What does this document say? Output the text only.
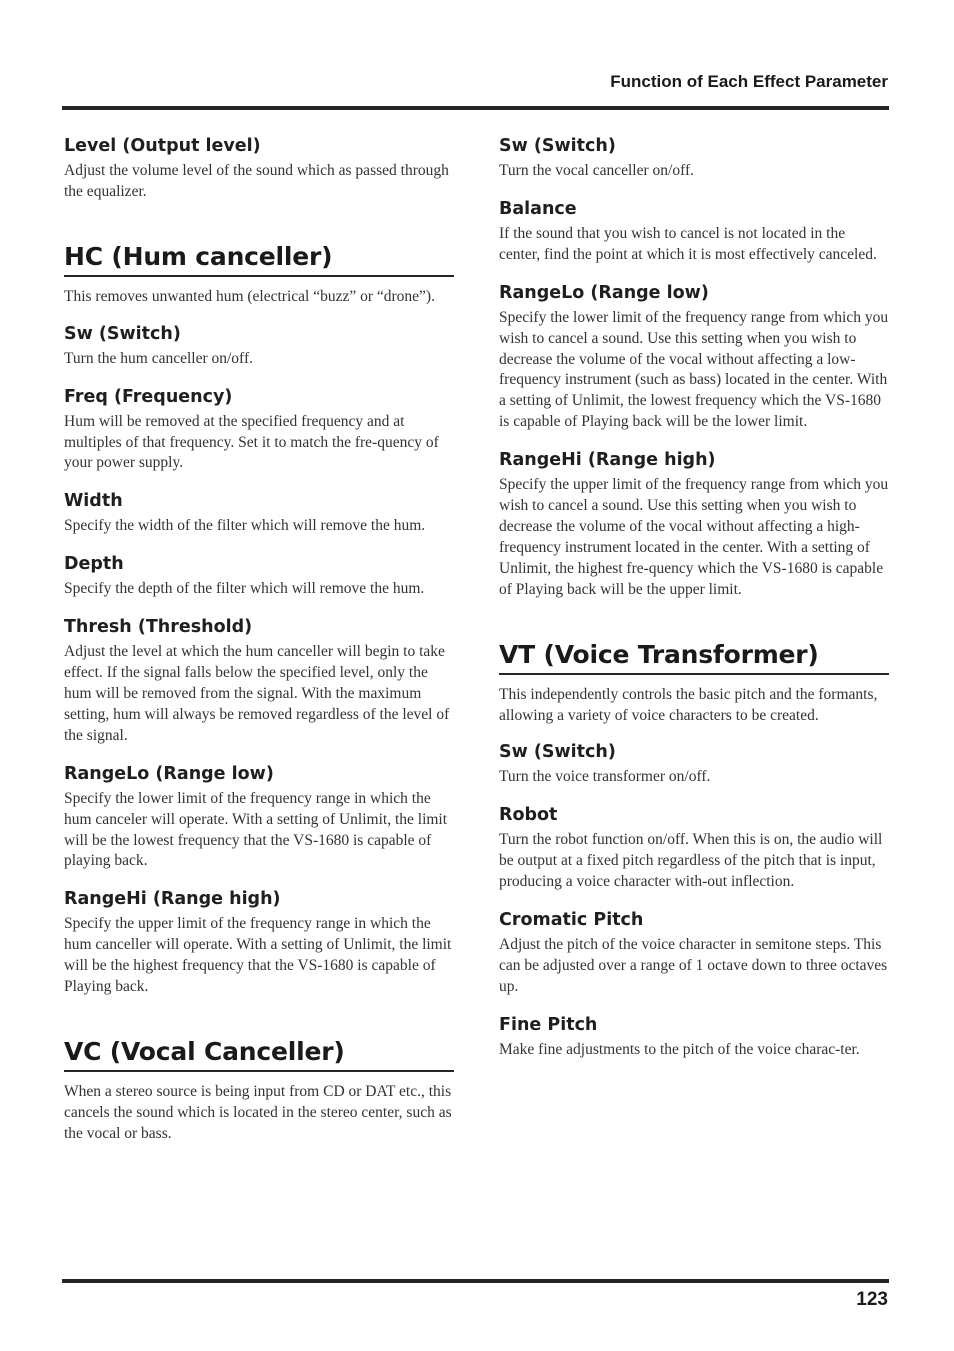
Function of Each Effect Parameter
Level (Output level)

Adjust the volume level of the sound which as passed through the equalizer.

HC (Hum canceller)

This removes unwanted hum (electrical “buzz” or “drone”).

Sw (Switch)

Turn the hum canceller on/off.

Freq (Frequency)

Hum will be removed at the specified frequency and at multiples of that frequency. Set it to match the fre-quency of your power supply.

Width

Specify the width of the filter which will remove the hum.

Depth

Specify the depth of the filter which will remove the hum.

Thresh (Threshold)

Adjust the level at which the hum canceller will begin to take effect. If the signal falls below the specified level, only the hum will be removed from the signal. With the maximum setting, hum will always be removed regardless of the level of the signal.

RangeLo (Range low)

Specify the lower limit of the frequency range in which the hum canceler will operate. With a setting of Unlimit, the limit will be the lowest frequency that the VS-1680 is capable of playing back.

RangeHi (Range high)

Specify the upper limit of the frequency range in which the hum canceller will operate. With a setting of Unlimit, the limit will be the highest frequency that the VS-1680 is capable of Playing back.

VC (Vocal Canceller)

When a stereo source is being input from CD or DAT etc., this cancels the sound which is located in the stereo center, such as the vocal or bass.

Sw (Switch)

Turn the vocal canceller on/off.

Balance

If the sound that you wish to cancel is not located in the center, find the point at which it is most effectively canceled.

RangeLo (Range low)

Specify the lower limit of the frequency range from which you wish to cancel a sound. Use this setting when you wish to decrease the volume of the vocal without affecting a low-frequency instrument (such as bass) located in the center. With a setting of Unlimit, the lowest frequency which the VS-1680 is capable of Playing back will be the lower limit.

RangeHi (Range high)

Specify the upper limit of the frequency range from which you wish to cancel a sound. Use this setting when you wish to decrease the volume of the vocal without affecting a high-frequency instrument located in the center. With a setting of Unlimit, the highest fre-quency which the VS-1680 is capable of Playing back will be the upper limit.

VT (Voice Transformer)

This independently controls the basic pitch and the formants, allowing a variety of voice characters to be created.

Sw (Switch)

Turn the voice transformer on/off.

Robot

Turn the robot function on/off. When this is on, the audio will be output at a fixed pitch regardless of the pitch that is input, producing a voice character with-out inflection.

Cromatic Pitch

Adjust the pitch of the voice character in semitone steps. This can be adjusted over a range of 1 octave down to three octaves up.

Fine Pitch

Make fine adjustments to the pitch of the voice charac-ter.

123
